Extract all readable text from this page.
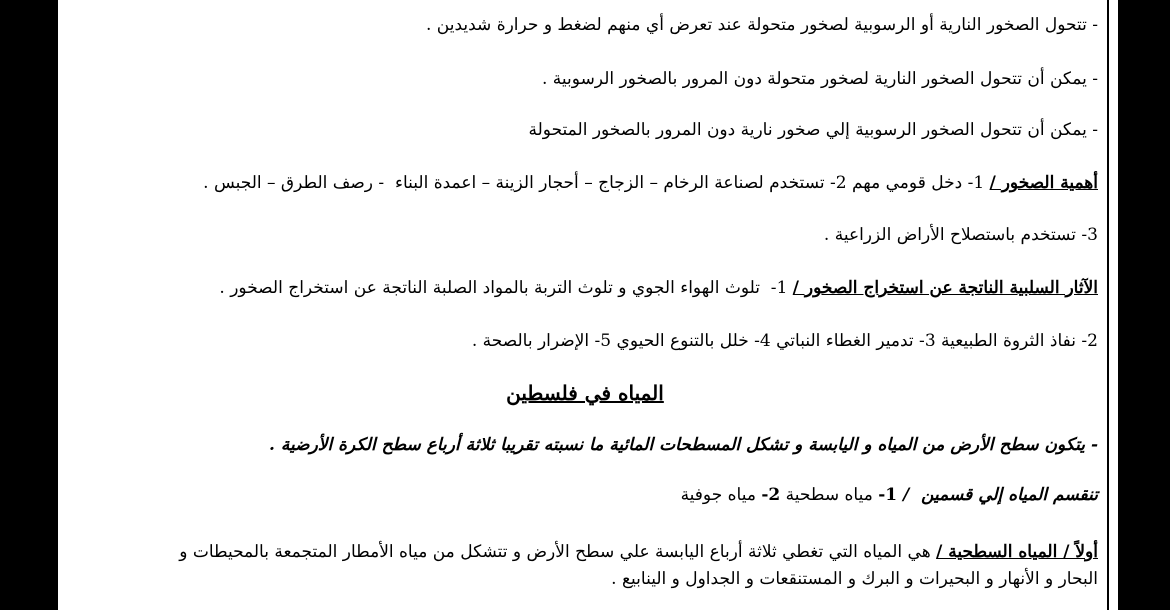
- تتحول الصخور النارية أو الرسوبية لصخور متحولة عند تعرض أي منهم لضغط و حرارة شديدين .
- يمكن أن تتحول الصخور النارية لصخور متحولة دون المرور بالصخور الرسوبية .
- يمكن أن تتحول الصخور الرسوبية إلي صخور نارية دون المرور بالصخور المتحولة
أهمية الصخور / 1- دخل قومي مهم 2- تستخدم لصناعة الرخام – الزجاج – أحجار الزينة – اعمدة البناء  - رصف الطرق – الجبس .
3- تستخدم باستصلاح الأراض الزراعية .
الآثار السلبية الناتجة عن استخراج الصخور / 1-  تلوث الهواء الجوي و تلوث التربة بالمواد الصلبة الناتجة عن استخراج الصخور .
2- نفاذ الثروة الطبيعية 3- تدمير الغطاء النباتي 4- خلل بالتنوع الحيوي 5- الإضرار بالصحة .
المياه في فلسطين
- يتكون سطح الأرض من المياه و اليابسة و تشكل المسطحات المائية ما نسبته تقريبا ثلاثة أرباع سطح الكرة الأرضية .
تنقسم المياه إلي قسمين  / 1- مياه سطحية 2- مياه جوفية
أولاً / المياه السطحية / هي المياه التي تغطي ثلاثة أرباع اليابسة علي سطح الأرض و تتشكل من مياه الأمطار المتجمعة بالمحيطات و
البحار و الأنهار و البحيرات و البرك و المستنقعات و الجداول و الينابيع .
